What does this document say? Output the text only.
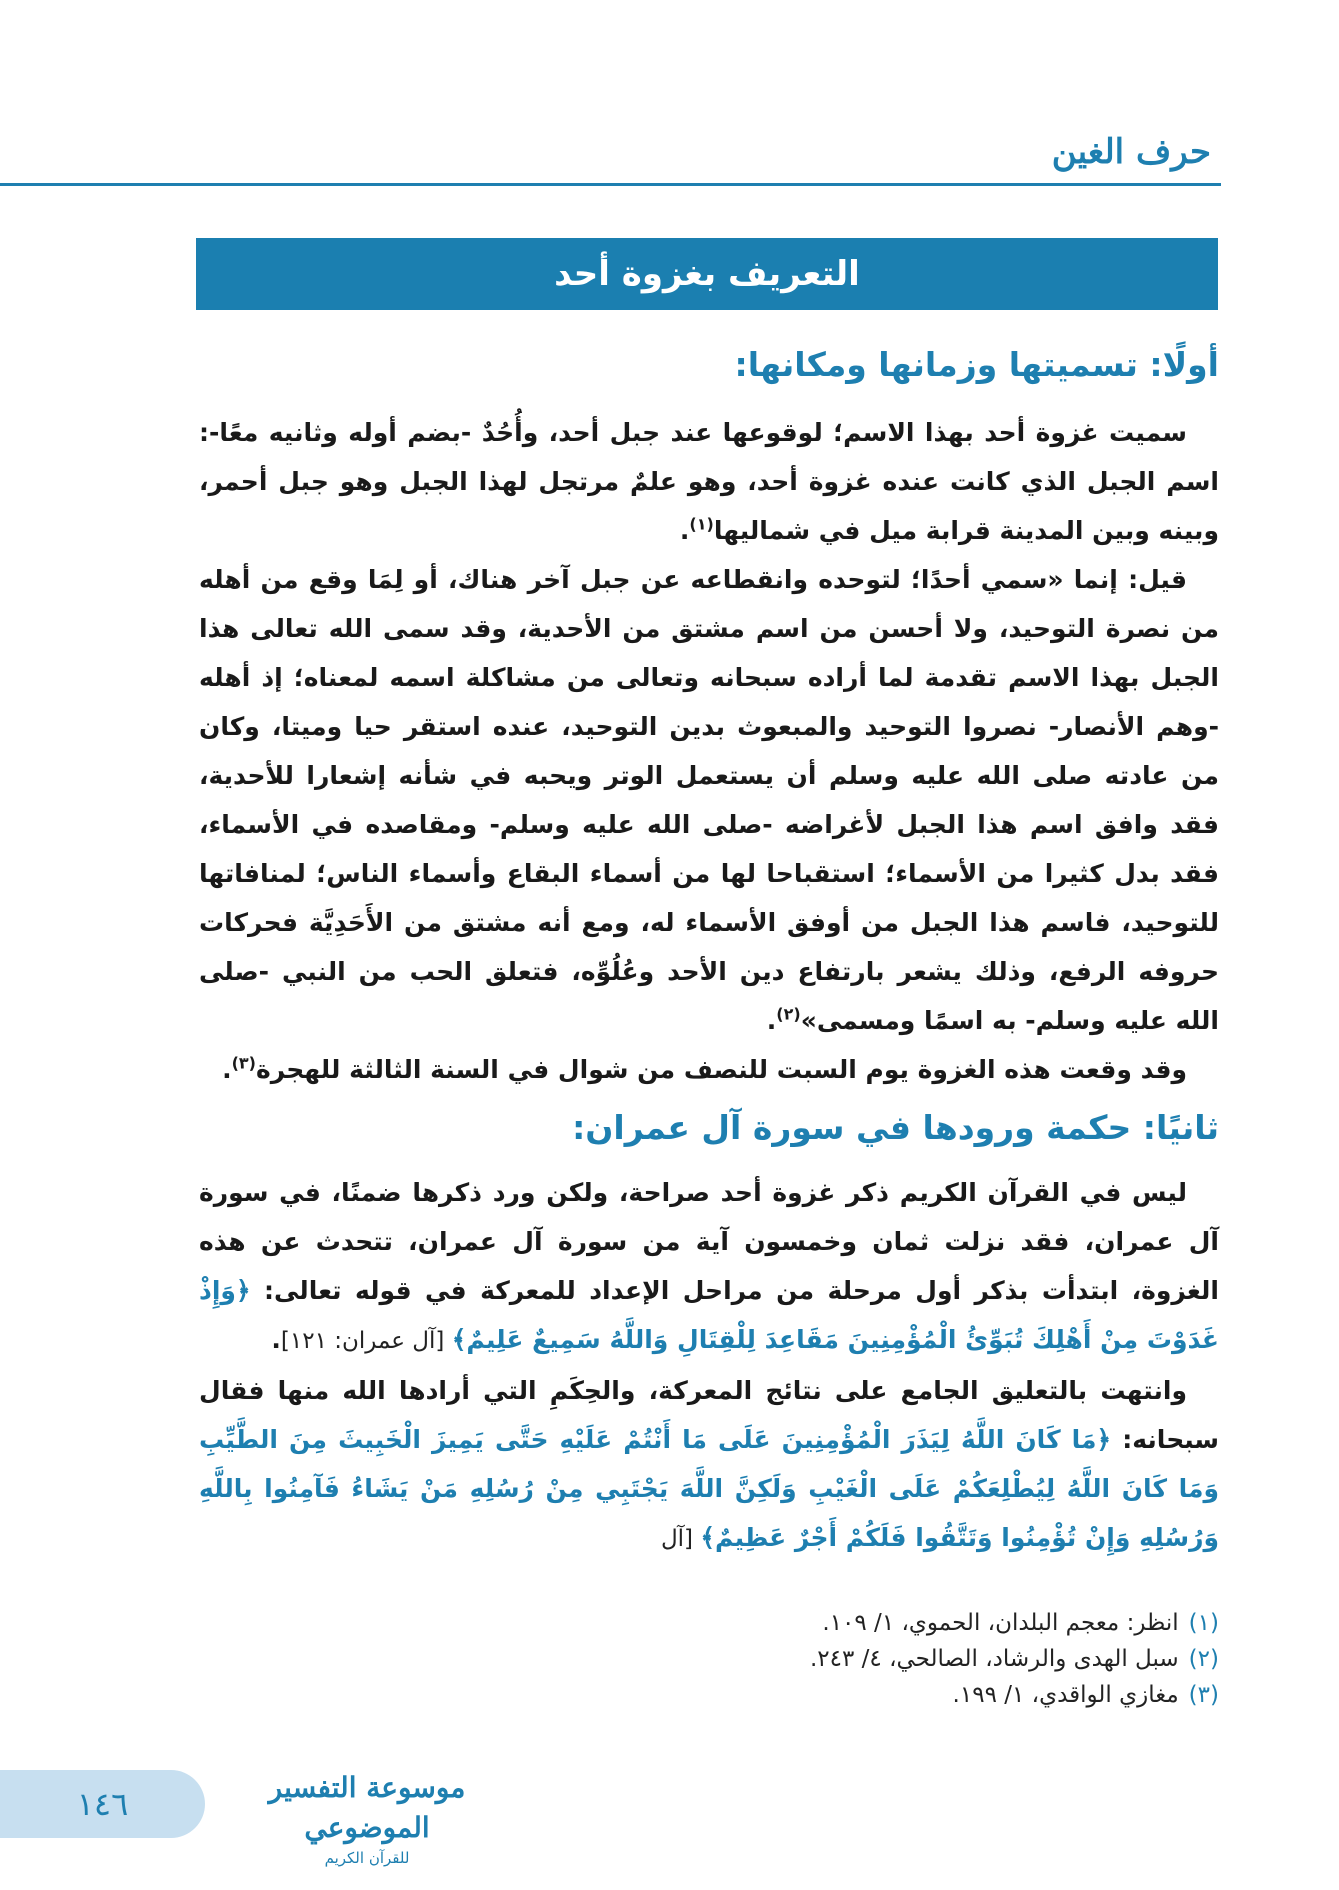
حرف الغين
التعريف بغزوة أحد
أولًا: تسميتها وزمانها ومكانها:

سميت غزوة أحد بهذا الاسم؛ لوقوعها عند جبل أحد، وأُحُدٌ -بضم أوله وثانيه معًا-: اسم الجبل الذي كانت عنده غزوة أحد، وهو علمٌ مرتجل لهذا الجبل وهو جبل أحمر، وبينه وبين المدينة قرابة ميل في شماليها$^{(١)}$.

قيل: إنما «سمي أحدًا؛ لتوحده وانقطاعه عن جبل آخر هناك، أو لِمَا وقع من أهله من نصرة التوحيد، ولا أحسن من اسم مشتق من الأحدية، وقد سمى الله تعالى هذا الجبل بهذا الاسم تقدمة لما أراده سبحانه وتعالى من مشاكلة اسمه لمعناه؛ إذ أهله -وهم الأنصار- نصروا التوحيد والمبعوث بدين التوحيد، عنده استقر حيا وميتا، وكان من عادته صلى الله عليه وسلم أن يستعمل الوتر ويحبه في شأنه إشعارا للأحدية، فقد وافق اسم هذا الجبل لأغراضه -صلى الله عليه وسلم- ومقاصده في الأسماء، فقد بدل كثيرا من الأسماء؛ استقباحا لها من أسماء البقاع وأسماء الناس؛ لمنافاتها للتوحيد، فاسم هذا الجبل من أوفق الأسماء له، ومع أنه مشتق من الأَحَدِيَّة فحركات حروفه الرفع، وذلك يشعر بارتفاع دين الأحد وعُلُوِّه، فتعلق الحب من النبي -صلى الله عليه وسلم- به اسمًا ومسمى»$^{(٢)}$.

وقد وقعت هذه الغزوة يوم السبت للنصف من شوال في السنة الثالثة للهجرة$^{(٣)}$.

ثانيًا: حكمة ورودها في سورة آل عمران:

ليس في القرآن الكريم ذكر غزوة أحد صراحة، ولكن ورد ذكرها ضمنًا، في سورة آل عمران، فقد نزلت ثمان وخمسون آية من سورة آل عمران، تتحدث عن هذه الغزوة، ابتدأت بذكر أول مرحلة من مراحل الإعداد للمعركة في قوله تعالى: ﴿وَإِذْ غَدَوْتَ مِنْ أَهْلِكَ تُبَوِّئُ الْمُؤْمِنِينَ مَقَاعِدَ لِلْقِتَالِ وَاللَّهُ سَمِيعٌ عَلِيمٌ﴾ [آل عمران: ١٢١].

وانتهت بالتعليق الجامع على نتائج المعركة، والحِكَمِ التي أرادها الله منها فقال سبحانه: ﴿مَا كَانَ اللَّهُ لِيَذَرَ الْمُؤْمِنِينَ عَلَى مَا أَنْتُمْ عَلَيْهِ حَتَّى يَمِيزَ الْخَبِيثَ مِنَ الطَّيِّبِ وَمَا كَانَ اللَّهُ لِيُطْلِعَكُمْ عَلَى الْغَيْبِ وَلَكِنَّ اللَّهَ يَجْتَبِي مِنْ رُسُلِهِ مَنْ يَشَاءُ فَآمِنُوا بِاللَّهِ وَرُسُلِهِ وَإِنْ تُؤْمِنُوا وَتَتَّقُوا فَلَكُمْ أَجْرٌ عَظِيمٌ﴾ [آل

(١)
انظر: معجم البلدان، الحموي، ١/ ١٠٩.
(٢)
سبل الهدى والرشاد، الصالحي، ٤/ ٢٤٣.
(٣)
مغازي الواقدي، ١/ ١٩٩.
١٤٦	موسوعة التفسير الموضوعي
للقرآن الكريم
